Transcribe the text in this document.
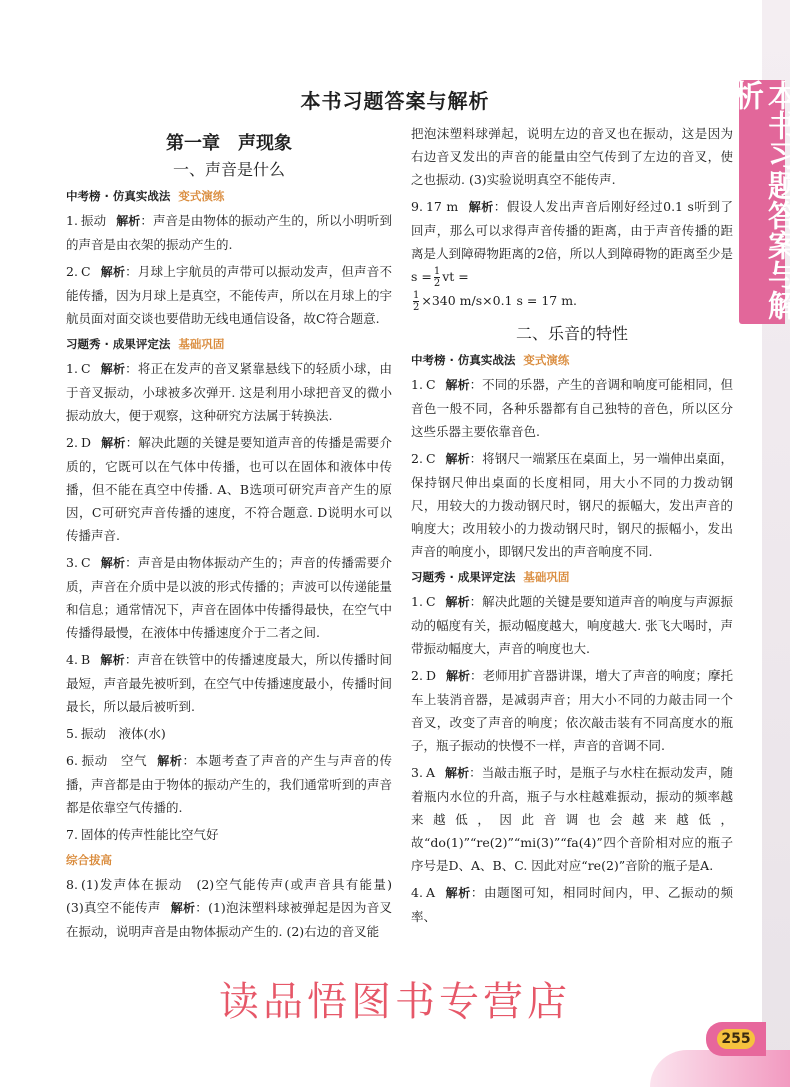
本书习题答案与解析
本书习题答案与解析
第一章　声现象
一、声音是什么
中考榜 · 仿真实战法 变式演练
1. 振动 解析：声音是由物体的振动产生的，所以小明听到的声音是由衣架的振动产生的.
2. C 解析：月球上宇航员的声带可以振动发声，但声音不能传播，因为月球上是真空，不能传声，所以在月球上的宇航员面对面交谈也要借助无线电通信设备，故C符合题意.
习题秀 · 成果评定法 基础巩固
1. C 解析：将正在发声的音叉紧靠悬线下的轻质小球，由于音叉振动，小球被多次弹开. 这是利用小球把音叉的微小振动放大，便于观察，这种研究方法属于转换法.
2. D 解析：解决此题的关键是要知道声音的传播是需要介质的，它既可以在气体中传播，也可以在固体和液体中传播，但不能在真空中传播. A、B选项可研究声音产生的原因，C可研究声音传播的速度，不符合题意. D说明水可以传播声音.
3. C 解析：声音是由物体振动产生的；声音的传播需要介质，声音在介质中是以波的形式传播的；声波可以传递能量和信息；通常情况下，声音在固体中传播得最快，在空气中传播得最慢，在液体中传播速度介于二者之间.
4. B 解析：声音在铁管中的传播速度最大，所以传播时间最短，声音最先被听到，在空气中传播速度最小，传播时间最长，所以最后被听到.
5. 振动　液体(水)
6. 振动　空气 解析：本题考查了声音的产生与声音的传播，声音都是由于物体的振动产生的，我们通常听到的声音都是依靠空气传播的.
7. 固体的传声性能比空气好
综合拔高
8. (1)发声体在振动　(2)空气能传声(或声音具有能量)　(3)真空不能传声 解析：(1)泡沫塑料球被弹起是因为音叉在振动，说明声音是由物体振动产生的. (2)右边的音叉能
把泡沫塑料球弹起，说明左边的音叉也在振动，这是因为右边音叉发出的声音的能量由空气传到了左边的音叉，使之也振动. (3)实验说明真空不能传声.
9. 17 m 解析：假设人发出声音后刚好经过0.1 s听到了回声，那么可以求得声音传播的距离，由于声音传播的距离是人到障碍物距离的2倍，所以人到障碍物的距离至少是 $s = \frac{1}{2}$ vt =

$\frac{1}{2} \times 340$ m/s×0.1 s = 17 m.
二、乐音的特性
中考榜 · 仿真实战法 变式演练
1. C 解析：不同的乐器，产生的音调和响度可能相同，但音色一般不同，各种乐器都有自己独特的音色，所以区分这些乐器主要依靠音色.
2. C 解析：将钢尺一端紧压在桌面上，另一端伸出桌面，保持钢尺伸出桌面的长度相同，用大小不同的力拨动钢尺，用较大的力拨动钢尺时，钢尺的振幅大，发出声音的响度大；改用较小的力拨动钢尺时，钢尺的振幅小，发出声音的响度小，即钢尺发出的声音响度不同.
习题秀 · 成果评定法 基础巩固
1. C 解析：解决此题的关键是要知道声音的响度与声源振动的幅度有关，振动幅度越大，响度越大. 张飞大喝时，声带振动幅度大，声音的响度也大.
2. D 解析：老师用扩音器讲课，增大了声音的响度；摩托车上装消音器，是减弱声音；用大小不同的力敲击同一个音叉，改变了声音的响度；依次敲击装有不同高度水的瓶子，瓶子振动的快慢不一样，声音的音调不同.
3. A 解析：当敲击瓶子时，是瓶子与水柱在振动发声，随着瓶内水位的升高，瓶子与水柱越难振动，振动的频率越来越低，因此音调也会越来越低，故“do(1)”“re(2)”“mi(3)”“fa(4)”四个音阶相对应的瓶子序号是D、A、B、C. 因此对应“re(2)”音阶的瓶子是A.
4. A 解析：由题图可知，相同时间内，甲、乙振动的频率、
读品悟图书专营店
255
